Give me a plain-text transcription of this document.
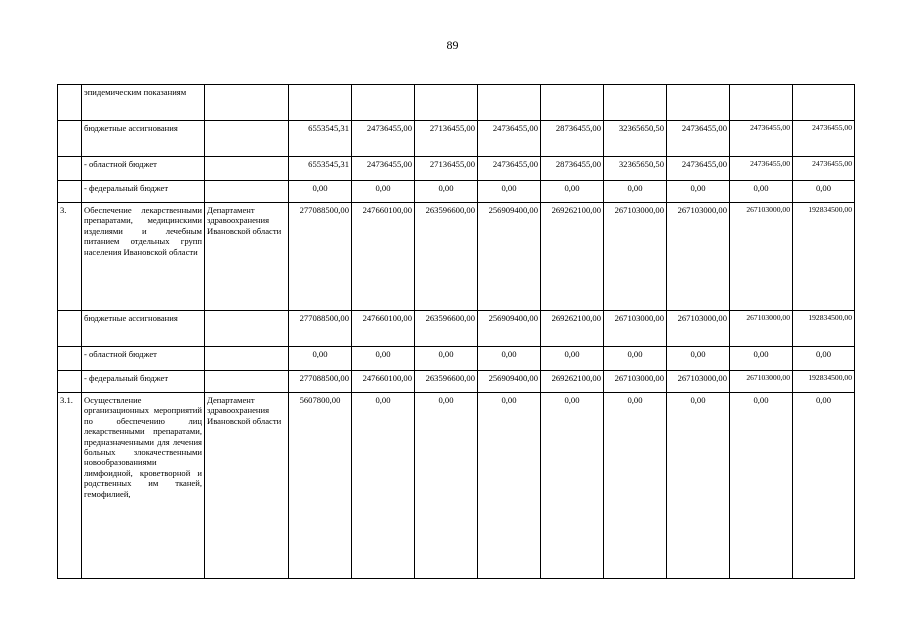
89
	эпидемическим показаниям										
	бюджетные ассигнования		6553545,31	24736455,00	27136455,00	24736455,00	28736455,00	32365650,50	24736455,00	24736455,00	24736455,00
	- областной бюджет		6553545,31	24736455,00	27136455,00	24736455,00	28736455,00	32365650,50	24736455,00	24736455,00	24736455,00
	- федеральный бюджет		0,00	0,00	0,00	0,00	0,00	0,00	0,00	0,00	0,00
3.	Обеспечение лекарственными препаратами, медицинскими изделиями и лечебным питанием отдельных групп населения Ивановской области	Департамент здравоохранения Ивановской области	277088500,00	247660100,00	263596600,00	256909400,00	269262100,00	267103000,00	267103000,00	267103000,00	192834500,00
	бюджетные ассигнования		277088500,00	247660100,00	263596600,00	256909400,00	269262100,00	267103000,00	267103000,00	267103000,00	192834500,00
	- областной бюджет		0,00	0,00	0,00	0,00	0,00	0,00	0,00	0,00	0,00
	- федеральный бюджет		277088500,00	247660100,00	263596600,00	256909400,00	269262100,00	267103000,00	267103000,00	267103000,00	192834500,00
3.1.	Осуществление организационных мероприятий по обеспечению лиц лекарственными препаратами, предназначенными для лечения больных злокачественными новообразованиями лимфоидной, кроветворной и родственных им тканей, гемофилией,	Департамент здравоохранения Ивановской области	5607800,00	0,00	0,00	0,00	0,00	0,00	0,00	0,00	0,00
